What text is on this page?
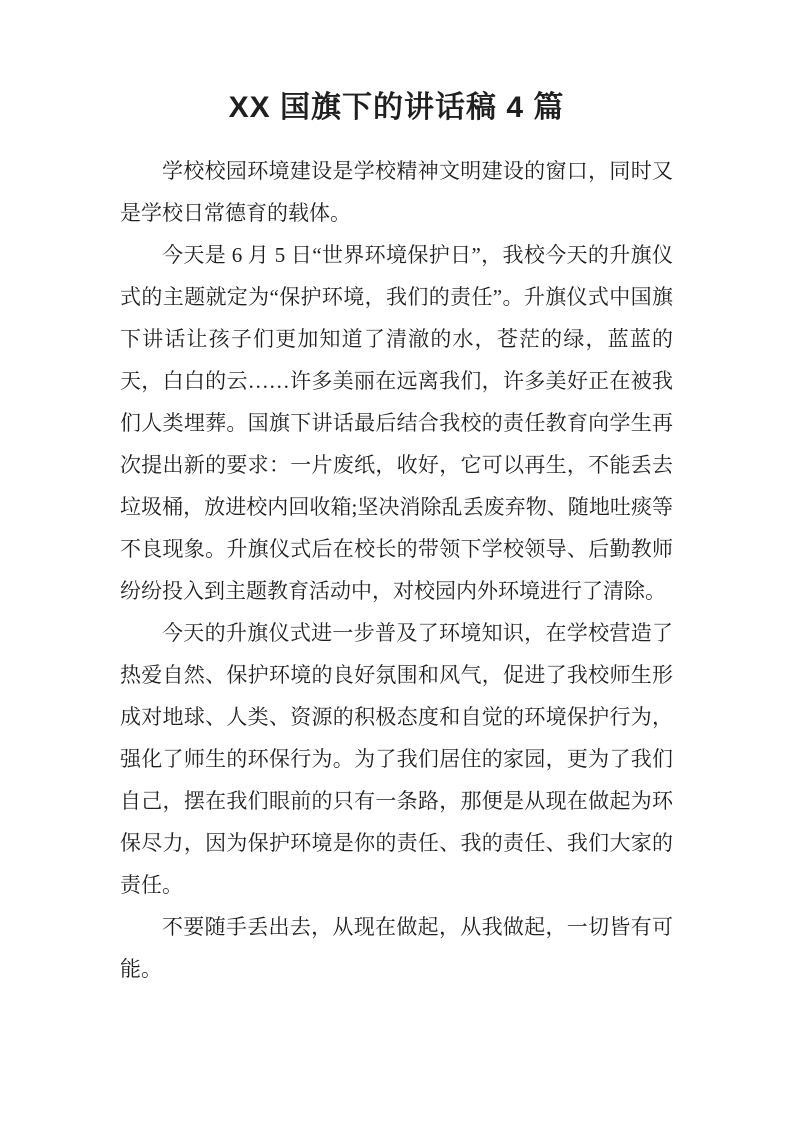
XX 国旗下的讲话稿 4 篇

学校校园环境建设是学校精神文明建设的窗口，同时又是学校日常德育的载体。

今天是 6 月 5 日“世界环境保护日”，我校今天的升旗仪式的主题就定为“保护环境，我们的责任”。升旗仪式中国旗下讲话让孩子们更加知道了清澈的水，苍茫的绿，蓝蓝的天，白白的云……许多美丽在远离我们，许多美好正在被我们人类埋葬。国旗下讲话最后结合我校的责任教育向学生再次提出新的要求：一片废纸，收好，它可以再生，不能丢去垃圾桶，放进校内回收箱;坚决消除乱丢废弃物、随地吐痰等不良现象。升旗仪式后在校长的带领下学校领导、后勤教师纷纷投入到主题教育活动中，对校园内外环境进行了清除。

今天的升旗仪式进一步普及了环境知识，在学校营造了热爱自然、保护环境的良好氛围和风气，促进了我校师生形成对地球、人类、资源的积极态度和自觉的环境保护行为，强化了师生的环保行为。为了我们居住的家园，更为了我们自己，摆在我们眼前的只有一条路，那便是从现在做起为环保尽力，因为保护环境是你的责任、我的责任、我们大家的责任。

不要随手丢出去，从现在做起，从我做起，一切皆有可能。
